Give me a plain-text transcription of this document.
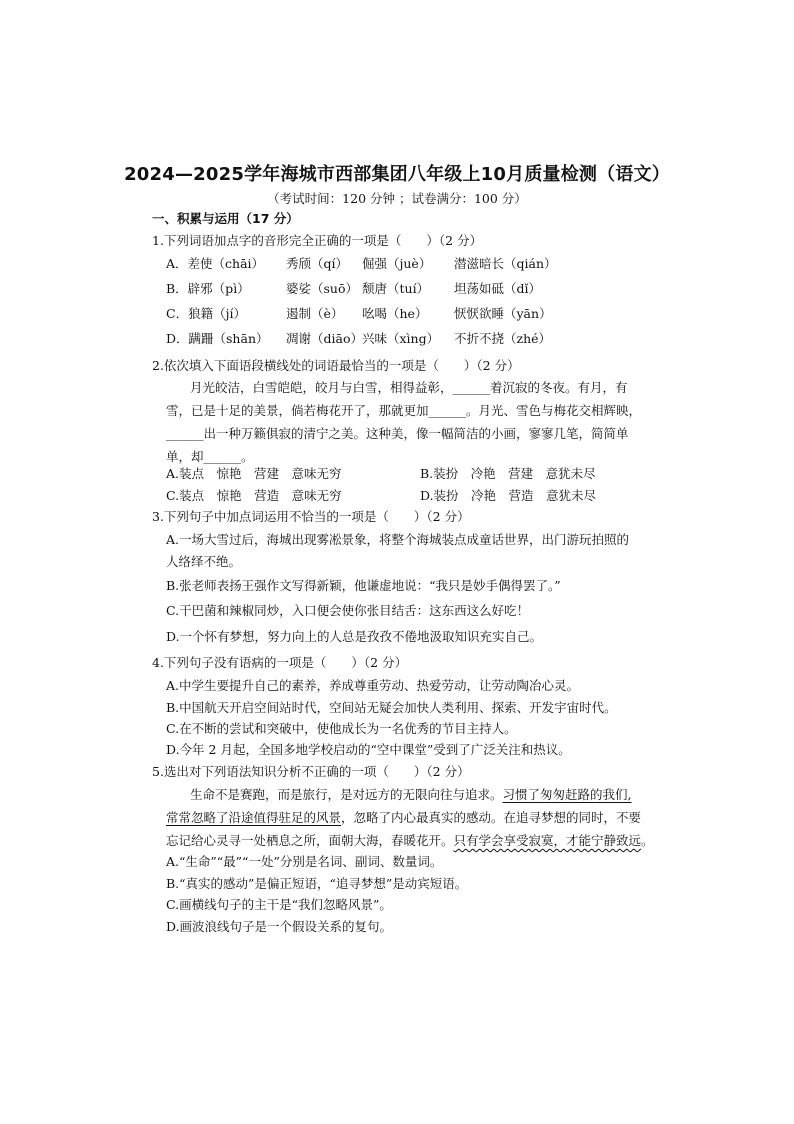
2024—2025学年海城市西部集团八年级上10月质量检测（语文）
（考试时间：120 分钟 ；试卷满分：100 分）
一、积累与运用（17 分）
1.下列词语加点字的音形完全正确的一项是（　　）（2 分）
A．差使（chāi） 秀颀（qí） 倔强（juè） 潜滋暗长（qián）
B．辟邪（pì）	婆娑（suō） 颓唐（tuí） 坦荡如砥（dǐ）
C．狼籍（jí）	遏制（è） 吆喝（he） 恹恹欲睡（yān）
D．蹒跚（shān） 凋谢（diāo）兴味（xìng） 不折不挠（zhé）
2.依次填入下面语段横线处的词语最恰当的一项是（　　）（2 分）
月光皎洁，白雪皑皑，皎月与白雪，相得益彰，______着沉寂的冬夜。有月，有
雪，已是十足的美景，倘若梅花开了，那就更加______。月光、雪色与梅花交相辉映，
______出一种万籁俱寂的清宁之美。这种美，像一幅简洁的小画，寥寥几笔，简简单
单，却______。
A.装点　惊艳　营建　意味无穷	B.装扮　冷艳　营建　意犹未尽
C.装点　惊艳　营造　意味无穷	D.装扮　冷艳　营造　意犹未尽
3.下列句子中加点词运用不恰当的一项是（　　）（2 分）
A.一场大雪过后，海城出现雾凇景象，将整个海城装点成童话世界，出门游玩拍照的
人络绎不绝。
B.张老师表扬王强作文写得新颖，他谦虚地说：“我只是妙手偶得罢了。”
C.干巴菌和辣椒同炒，入口便会使你张目结舌：这东西这么好吃！
D.一个怀有梦想，努力向上的人总是孜孜不倦地汲取知识充实自己。
4.下列句子没有语病的一项是（　　）（2 分）
A.中学生要提升自己的素养，养成尊重劳动、热爱劳动，让劳动陶冶心灵。
B.中国航天开启空间站时代，空间站无疑会加快人类利用、探索、开发宇宙时代。
C.在不断的尝试和突破中，使他成长为一名优秀的节目主持人。
D.今年 2 月起，全国多地学校启动的“空中课堂”受到了广泛关注和热议。
5.选出对下列语法知识分析不正确的一项（　　）（2 分）
生命不是赛跑，而是旅行，是对远方的无限向往与追求。习惯了匆匆赶路的我们,
常常忽略了沿途值得驻足的风景，忽略了内心最真实的感动。在追寻梦想的同时，不要
忘记给心灵寻一处栖息之所，面朝大海，春暖花开。只有学会享受寂寞，才能宁静致远。
A.“生命”“最”“一处”分别是名词、副词、数量词。
B.“真实的感动”是偏正短语，“追寻梦想”是动宾短语。
C.画横线句子的主干是“我们忽略风景”。
D.画波浪线句子是一个假设关系的复句。
